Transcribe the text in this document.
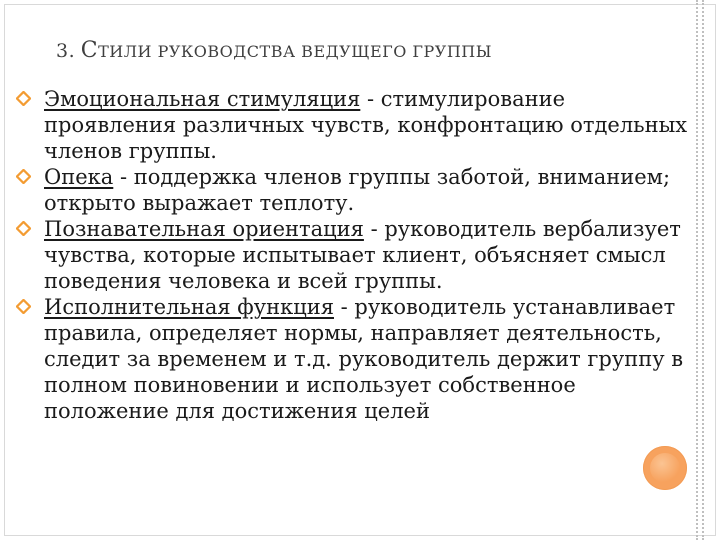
3. СТИЛИ РУКОВОДСТВА ВЕДУЩЕГО ГРУППЫ
Эмоциональная стимуляция - стимулирование проявления различных чувств, конфронтацию отдельных членов группы.
Опека - поддержка членов группы заботой, вниманием; открыто выражает теплоту.
Познавательная ориентация - руководитель вербализует чувства, которые испытывает клиент, объясняет смысл поведения человека и всей группы.
Исполнительная функция - руководитель устанавливает правила, определяет нормы, направляет деятельность, следит за временем и т.д. руководитель держит группу в полном повиновении и использует собственное положение для достижения целей
